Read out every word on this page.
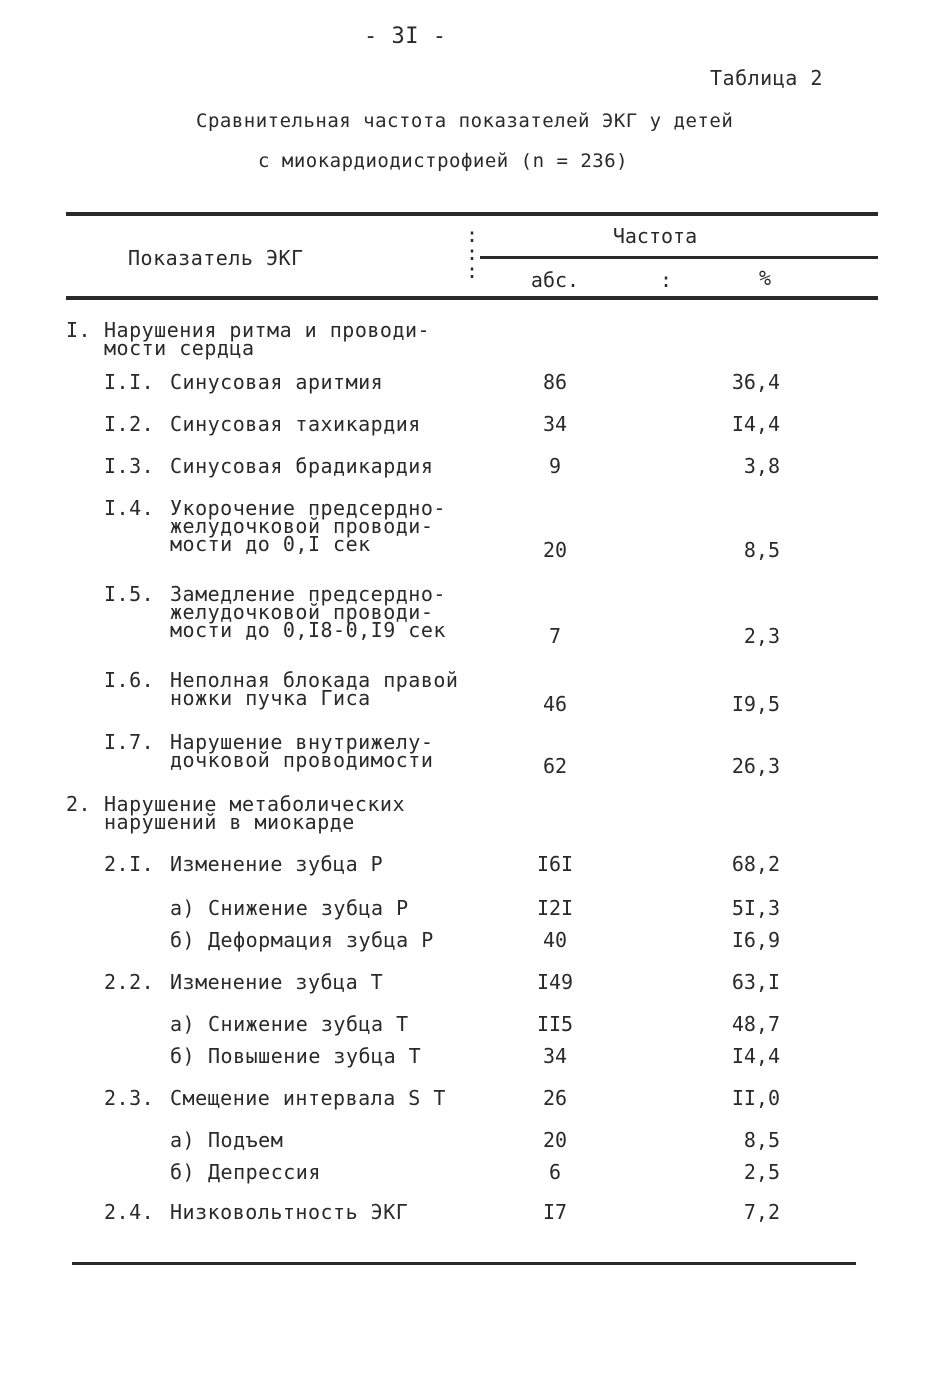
- 3I -
Таблица 2
Сравнительная частота показателей ЭКГ у детей
с миокардиодистрофией (n = 236)
Показатель ЭКГ
:
:
:
Частота
абс.	:	%
I. Нарушения ритма и проводи-
мости сердца
I.I. Синусовая аритмия	86	36,4
I.2. Синусовая тахикардия	34	I4,4
I.3. Синусовая брадикардия	9	3,8
I.4. Укорочение предсердно-
желудочковой проводи-
мости до 0,I сек	20	8,5
I.5. Замедление предсердно-
желудочковой проводи-
мости до 0,I8-0,I9 сек	7	2,3
I.6. Неполная блокада правой
ножки пучка Гиса	46	I9,5
I.7. Нарушение внутрижелу-
дочковой проводимости	62	26,3
2. Нарушение метаболических
нарушений в миокарде
2.I. Изменение зубца Р	I6I	68,2
а) Снижение зубца Р	I2I	5I,3
б) Деформация зубца Р	40	I6,9
2.2. Изменение зубца Т	I49	63,I
а) Снижение зубца Т	II5	48,7
б) Повышение зубца Т	34	I4,4
2.3. Смещение интервала S Т	26	II,0
а) Подъем	20	8,5
б) Депрессия	6	2,5
2.4. Низковольтность ЭКГ	I7	7,2
